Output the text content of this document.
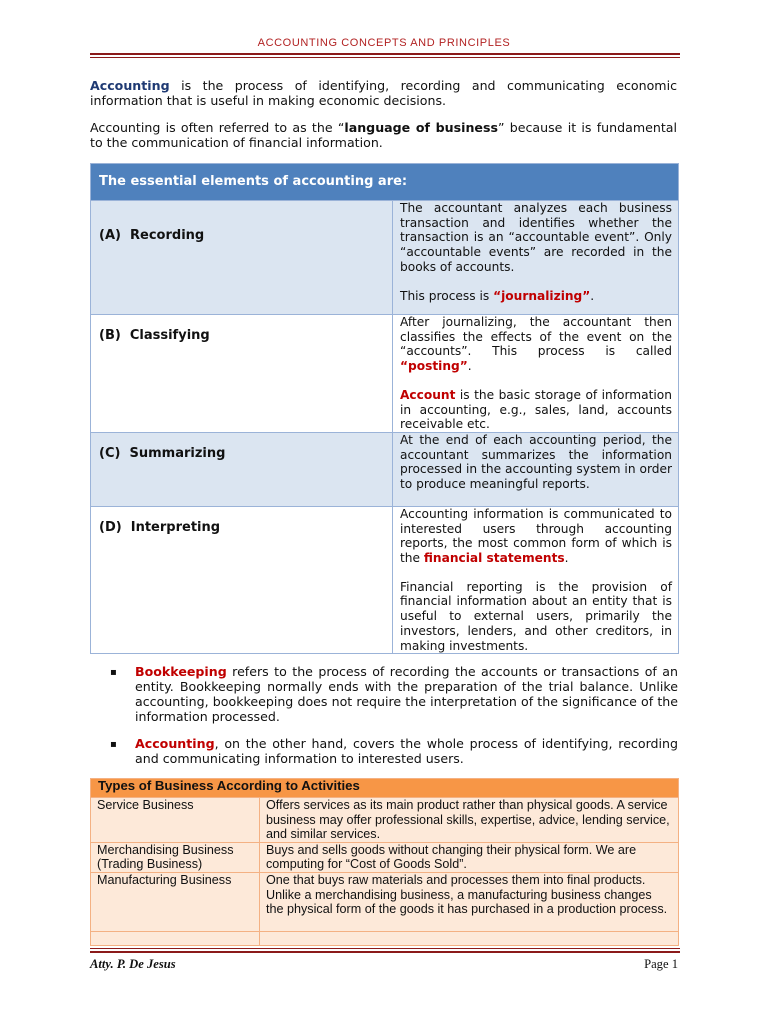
ACCOUNTING CONCEPTS AND PRINCIPLES
Accounting is the process of identifying, recording and communicating economic information that is useful in making economic decisions.
Accounting is often referred to as the “language of business” because it is fundamental to the communication of financial information.
The essential elements of accounting are:	

(A) Recording	The accountant analyzes each business transaction and identifies whether the transaction is an “accountable event”. Only “accountable events” are recorded in the books of accounts.

This process is “journalizing”.

(B) Classifying	After journalizing, the accountant then classifies the effects of the event on the “accounts”. This process is called “posting”.

Account is the basic storage of information in accounting, e.g., sales, land, accounts receivable etc.

(C) Summarizing	At the end of each accounting period, the accountant summarizes the information processed in the accounting system in order to produce meaningful reports.

(D) Interpreting	Accounting information is communicated to interested users through accounting reports, the most common form of which is the financial statements.

Financial reporting is the provision of financial information about an entity that is useful to external users, primarily the investors, lenders, and other creditors, in making investments.

▪ Bookkeeping refers to the process of recording the accounts or transactions of an entity. Bookkeeping normally ends with the preparation of the trial balance. Unlike accounting, bookkeeping does not require the interpretation of the significance of the information processed.
▪ Accounting, on the other hand, covers the whole process of identifying, recording and communicating information to interested users.
Types of Business According to Activities	
Service Business	Offers services as its main product rather than physical goods. A service business may offer professional skills, expertise, advice, lending service, and similar services.
Merchandising Business (Trading Business)	Buys and sells goods without changing their physical form. We are computing for “Cost of Goods Sold”.
Manufacturing Business	One that buys raw materials and processes them into final products. Unlike a merchandising business, a manufacturing business changes the physical form of the goods it has purchased in a production process.

Atty. P. De Jesus	Page 1
